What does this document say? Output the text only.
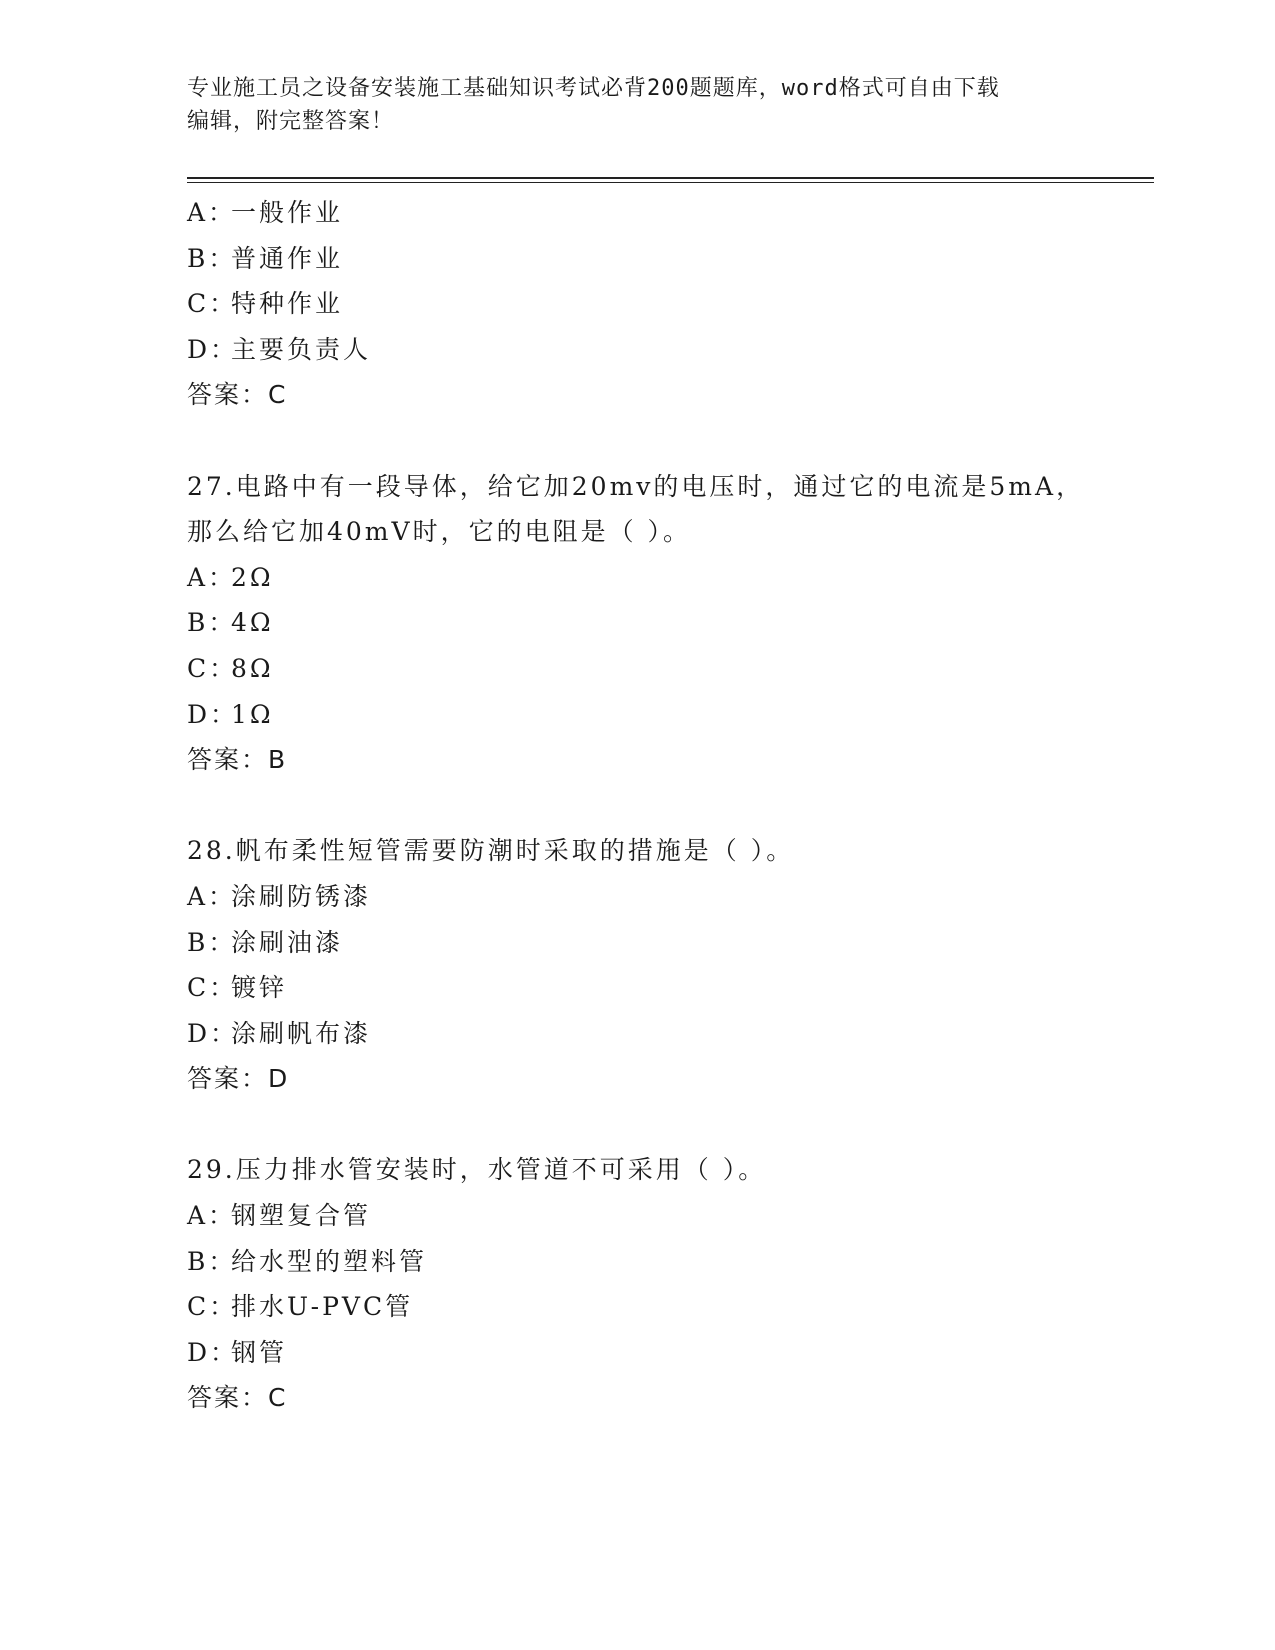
专业施工员之设备安装施工基础知识考试必背200题题库，word格式可自由下载
编辑，附完整答案！
A：一般作业
B：普通作业
C：特种作业
D：主要负责人
答案：C
27.电路中有一段导体，给它加20mv的电压时，通过它的电流是5mA，
那么给它加40mV时，它的电阻是（ ）。
A：2Ω
B：4Ω
C：8Ω
D：1Ω
答案：B
28.帆布柔性短管需要防潮时采取的措施是（ ）。
A：涂刷防锈漆
B：涂刷油漆
C：镀锌
D：涂刷帆布漆
答案：D
29.压力排水管安装时，水管道不可采用（ ）。
A：钢塑复合管
B：给水型的塑料管
C：排水U-PVC管
D：钢管
答案：C
